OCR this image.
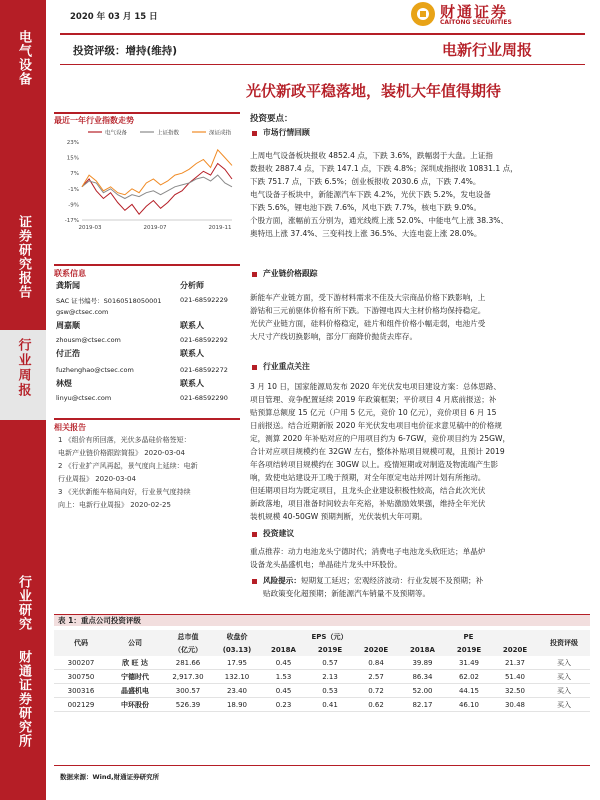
电气设备
证券研究报告
行业周报
行业研究
财通证券研究所
2020 年 03 月 15 日	财通证券
CAITONG SECURITIES
投资评级：增持(维持)	电新行业周报
光伏新政平稳落地，装机大年值得期待
最近一年行业指数走势
电气设备	上证指数	深证成指
23%
15%
7%
-1%
-9%
-17%
2019-03	2019-07	2019-11
联系信息
龚斯闻	分析师
SAC 证书编号：S0160518050001	021-68592229
gsw@ctsec.com
周嘉顺	联系人
zhousm@ctsec.com	021-68592292
付正浩	联系人
fuzhenghao@ctsec.com	021-68592272
林煜	联系人
linyu@ctsec.com	021-68592290
相关报告
1 《组价有所回落，光伏多晶硅价格签短：
电新产业链价格跟踪简报》 2020-03-04
2 《行业扩产风再起，景气度向上延续：电新
行业周报》 2020-03-04
3 《光伏新能车格局向好，行业景气度持续
向上：电新行业周报》 2020-02-25
投资要点：
市场行情回顾
上周电气设备板块报收 4852.4 点，下跌 3.6%，跌幅弱于大盘。上证指
数报收 2887.4 点，下跌 147.1 点，下跌 4.8%；深圳成指报收 10831.1 点，
下跌 751.7 点，下跌 6.5%；创业板报收 2030.6 点，下跌 7.4%。
电气设备子板块中，新能源汽车下跌 4.2%，光伏下跌 5.2%，发电设备
下跌 5.6%，锂电池下跌 7.6%，风电下跌 7.7%，核电下跌 9.0%。
个股方面，涨幅前五分别为，通光线缆上涨 52.0%、中能电气上涨 38.3%、
奥特迅上涨 37.4%、三变科技上涨 36.5%、大连电瓷上涨 28.0%。
产业链价格跟踪
新能车产业链方面，受下游材料需求不佳及大宗商品价格下跌影响，上
游钴和三元前驱体价格有所下跌。下游锂电四大主材价格均保持稳定。
光伏产业链方面，硅料价格稳定，硅片和组件价格小幅走弱，电池片受
大尺寸产线切换影响，部分厂商降价抛货去库存。
行业重点关注
3 月 10 日，国家能源局发布 2020 年光伏发电项目建设方案：总体思路、
项目管理、竞争配置延续 2019 年政策框架；平价项目 4 月底前报送；补
贴预算总额度 15 亿元（户用 5 亿元，竞价 10 亿元），竞价项目 6 月 15
日前报送。结合近期新版 2020 年光伏发电项目电价征求意见稿中的价格规
定，测算 2020 年补贴对应的户用项目约为 6-7GW，竞价项目约为 25GW，
合计对应项目规模约在 32GW 左右，整体补贴项目规模可观，且预计 2019
年各项结转项目规模约在 30GW 以上。疫情短期或对制造及物流端产生影
响，致使电站建设开工晚于预期，对全年原定电站并网计划有所拖动。
但延期项目均为既定项目，且龙头企业建设积极性较高，结合此次光伏
新政落地，项目准备时间较去年充裕，补贴激励效果强，维持全年光伏
装机规模 40-50GW 预期判断，光伏装机大年可期。
投资建议
重点推荐：动力电池龙头宁德时代；消费电子电池龙头欣旺达；单晶炉
设备龙头晶盛机电；单晶硅片龙头中环股份。
风险提示：短期复工延迟；宏观经济波动：行业发展不及预期；补
贴政策变化超预期；新能源汽车销量不及预期等。
表 1：重点公司投资评级
代码	公司	总市值	收盘价	EPS（元）			PE			投资评级
		（亿元）	(03.13)	2018A	2019E	2020E	2018A	2019E	2020E	
300207	欣 旺 达	281.66	17.95	0.45	0.57	0.84	39.89	31.49	21.37	买入
300750	宁德时代	2,917.30	132.10	1.53	2.13	2.57	86.34	62.02	51.40	买入
300316	晶盛机电	300.57	23.40	0.45	0.53	0.72	52.00	44.15	32.50	买入
002129	中环股份	526.39	18.90	0.23	0.41	0.62	82.17	46.10	30.48	买入
数据来源：Wind,财通证券研究所
